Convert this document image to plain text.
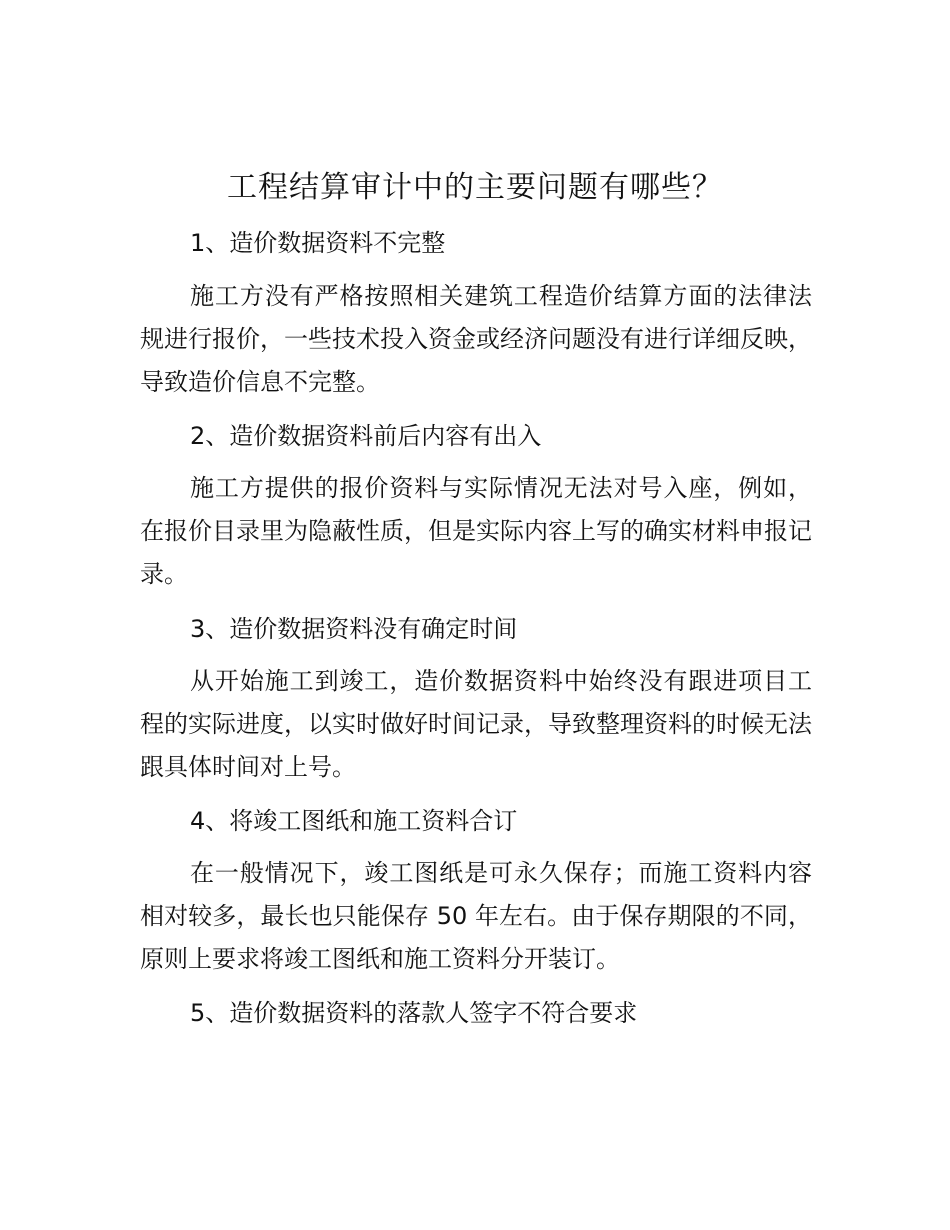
工程结算审计中的主要问题有哪些？
1、造价数据资料不完整

施工方没有严格按照相关建筑工程造价结算方面的法律法规进行报价，一些技术投入资金或经济问题没有进行详细反映，导致造价信息不完整。

2、造价数据资料前后内容有出入

施工方提供的报价资料与实际情况无法对号入座，例如，在报价目录里为隐蔽性质，但是实际内容上写的确实材料申报记录。

3、造价数据资料没有确定时间

从开始施工到竣工，造价数据资料中始终没有跟进项目工程的实际进度，以实时做好时间记录，导致整理资料的时候无法跟具体时间对上号。

4、将竣工图纸和施工资料合订

在一般情况下，竣工图纸是可永久保存；而施工资料内容相对较多，最长也只能保存 50 年左右。由于保存期限的不同，原则上要求将竣工图纸和施工资料分开装订。

5、造价数据资料的落款人签字不符合要求
